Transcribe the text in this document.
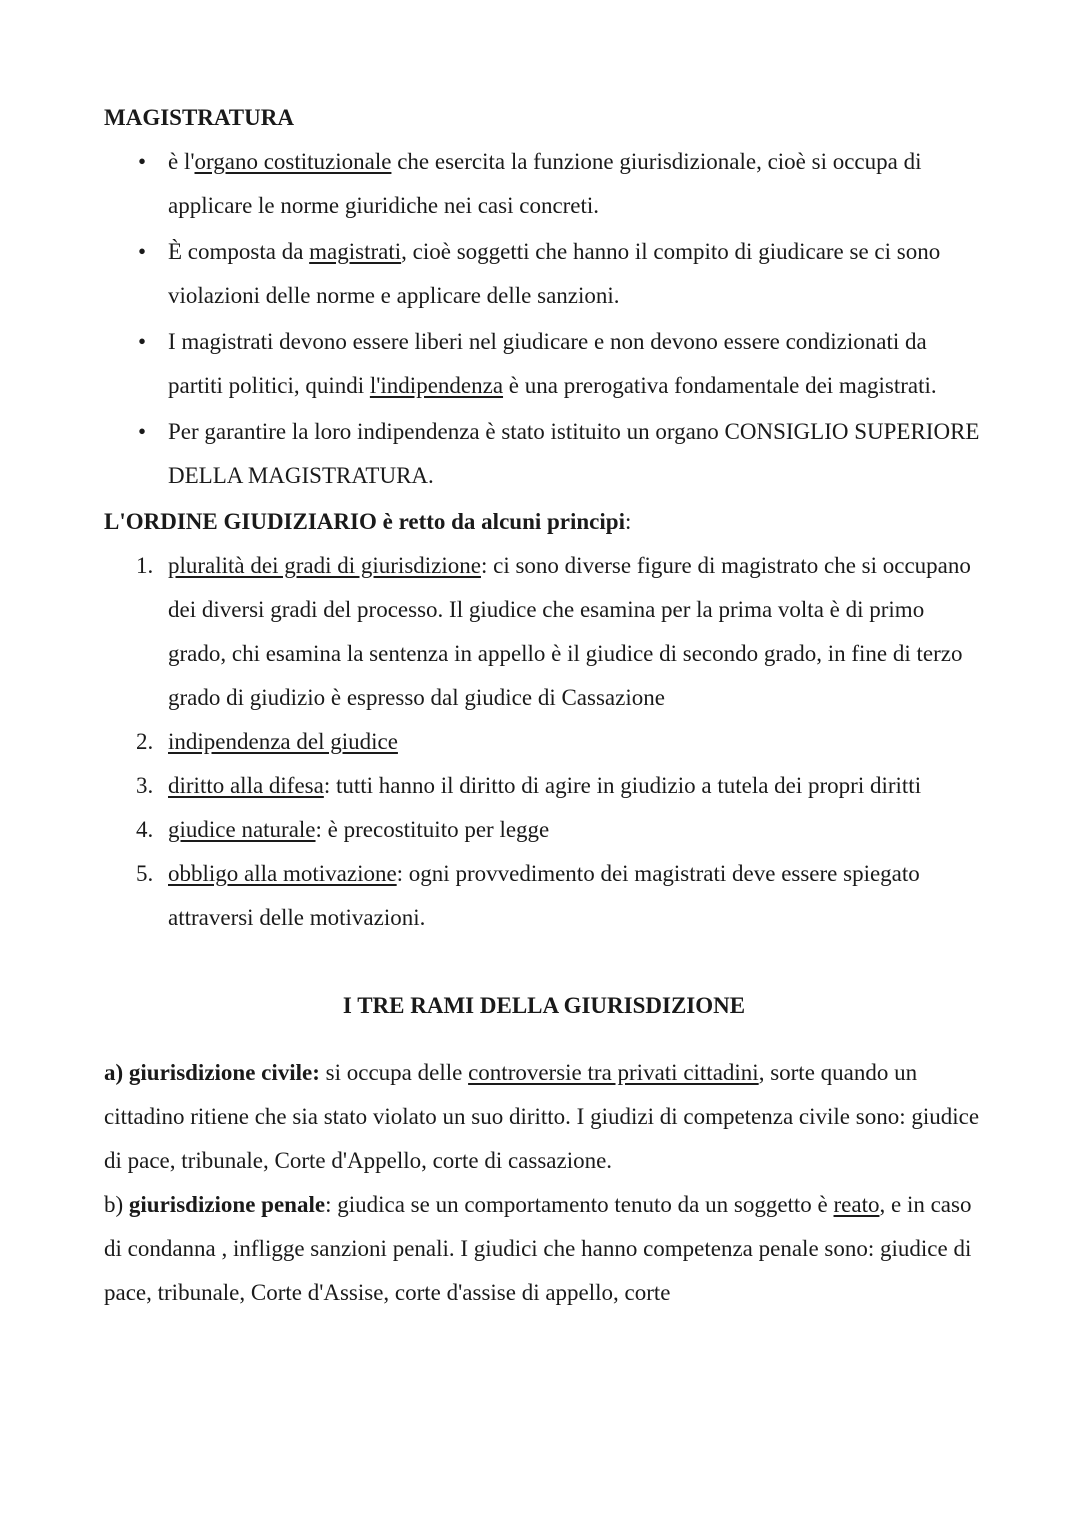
MAGISTRATURA

• è l'organo costituzionale che esercita la funzione giurisdizionale, cioè si occupa di applicare le norme giuridiche nei casi concreti.
• È composta da magistrati, cioè soggetti che hanno il compito di giudicare se ci sono violazioni delle norme e applicare delle sanzioni.
• I magistrati devono essere liberi nel giudicare e non devono essere condizionati da partiti politici, quindi l'indipendenza è una prerogativa fondamentale dei magistrati.
• Per garantire la loro indipendenza è stato istituito un organo CONSIGLIO SUPERIORE DELLA MAGISTRATURA.

L'ORDINE GIUDIZIARIO è retto da alcuni principi:

1. pluralità dei gradi di giurisdizione: ci sono diverse figure di magistrato che si occupano dei diversi gradi del processo. Il giudice che esamina per la prima volta è di primo grado, chi esamina la sentenza in appello è il giudice di secondo grado, in fine di terzo grado di giudizio è espresso dal giudice di Cassazione
2. indipendenza del giudice
3. diritto alla difesa: tutti hanno il diritto di agire in giudizio a tutela dei propri diritti
4. giudice naturale: è precostituito per legge
5. obbligo alla motivazione: ogni provvedimento dei magistrati deve essere spiegato attraversi delle motivazioni.

I TRE RAMI DELLA GIURISDIZIONE

a) giurisdizione civile: si occupa delle controversie tra privati cittadini, sorte quando un cittadino ritiene che sia stato violato un suo diritto. I giudizi di competenza civile sono: giudice di pace, tribunale, Corte d'Appello, corte di cassazione.

b) giurisdizione penale: giudica se un comportamento tenuto da un soggetto è reato, e in caso di condanna , infligge sanzioni penali. I giudici che hanno competenza penale sono: giudice di pace, tribunale, Corte d'Assise, corte d'assise di appello, corte
